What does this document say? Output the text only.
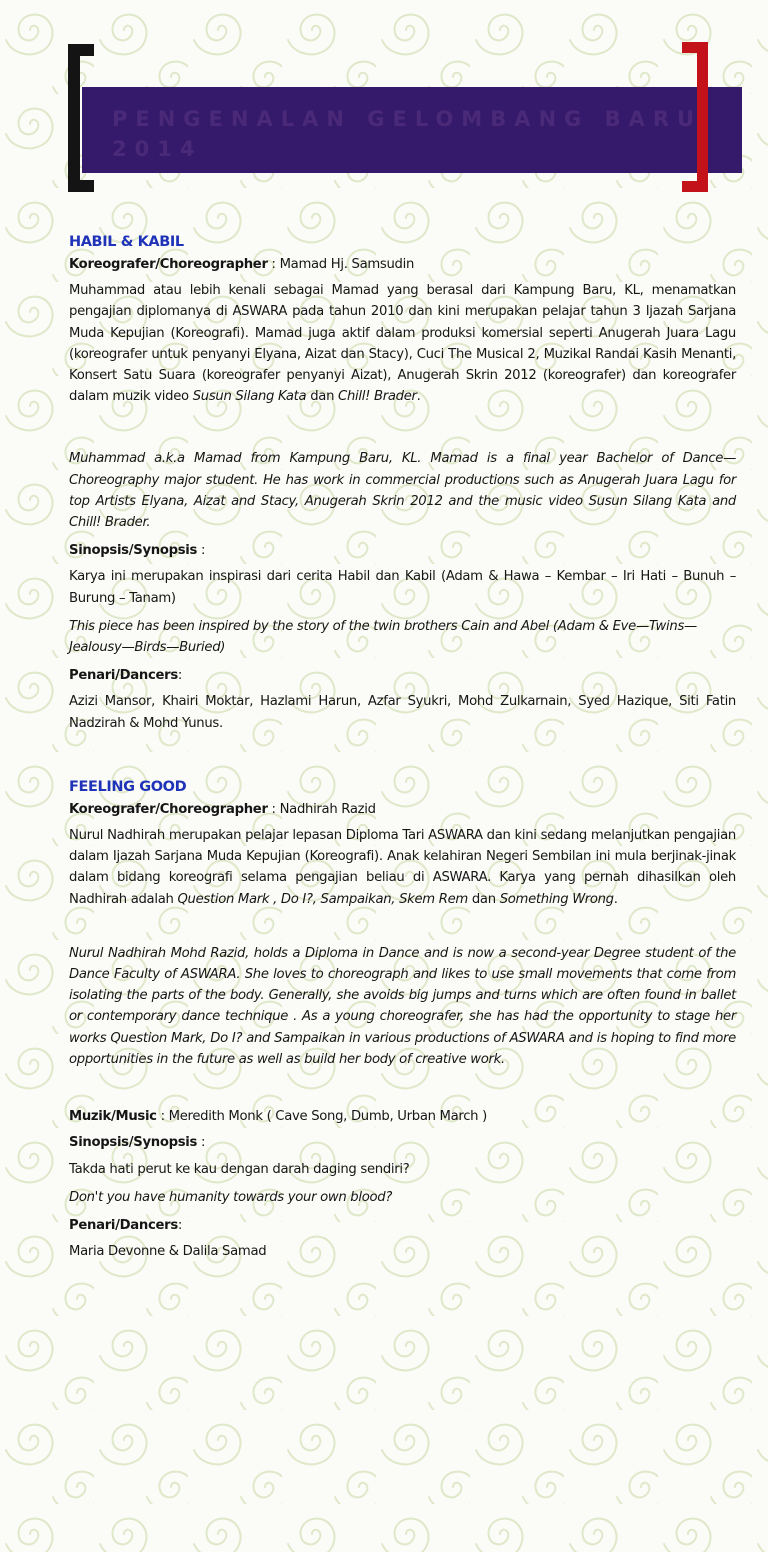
PENGENALAN GELOMBANG BARU 2014

HABIL & KABIL

Koreografer/Choreographer : Mamad Hj. Samsudin

Muhammad atau lebih kenali sebagai Mamad yang berasal dari Kampung Baru, KL, menamatkan pengajian diplomanya di ASWARA pada tahun 2010 dan kini merupakan pelajar tahun 3 Ijazah Sarjana Muda Kepujian (Koreografi). Mamad juga aktif dalam produksi komersial seperti Anugerah Juara Lagu (koreografer untuk penyanyi Elyana, Aizat dan Stacy), Cuci The Musical 2, Muzikal Randai Kasih Menanti, Konsert Satu Suara (koreografer penyanyi Aizat), Anugerah Skrin 2012 (koreografer) dan koreografer dalam muzik video Susun Silang Kata dan Chill! Brader.

Muhammad a.k.a Mamad from Kampung Baru, KL. Mamad is a final year Bachelor of Dance—Choreography major student. He has work in commercial productions such as Anugerah Juara Lagu for top Artists Elyana, Aizat and Stacy, Anugerah Skrin 2012 and the music video Susun Silang Kata and Chill! Brader.

Sinopsis/Synopsis :

Karya ini merupakan inspirasi dari cerita Habil dan Kabil (Adam & Hawa – Kembar – Iri Hati – Bunuh – Burung – Tanam)

This piece has been inspired by the story of the twin brothers Cain and Abel (Adam & Eve—Twins—Jealousy—Birds—Buried)

Penari/Dancers:

Azizi Mansor, Khairi Moktar, Hazlami Harun, Azfar Syukri, Mohd Zulkarnain, Syed Hazique, Siti Fatin Nadzirah & Mohd Yunus.

FEELING GOOD

Koreografer/Choreographer : Nadhirah Razid

Nurul Nadhirah merupakan pelajar lepasan Diploma Tari ASWARA dan kini sedang melanjutkan pengajian dalam Ijazah Sarjana Muda Kepujian (Koreografi). Anak kelahiran Negeri Sembilan ini mula berjinak-jinak dalam bidang koreografi selama pengajian beliau di ASWARA. Karya yang pernah dihasilkan oleh Nadhirah adalah Question Mark , Do I?, Sampaikan, Skem Rem dan Something Wrong.

Nurul Nadhirah Mohd Razid, holds a Diploma in Dance and is now a second-year Degree student of the Dance Faculty of ASWARA. She loves to choreograph and likes to use small movements that come from isolating the parts of the body. Generally, she avoids big jumps and turns which are often found in ballet or contemporary dance technique . As a young choreografer, she has had the opportunity to stage her works Question Mark, Do I? and Sampaikan in various productions of ASWARA and is hoping to find more opportunities in the future as well as build her body of creative work.

Muzik/Music : Meredith Monk ( Cave Song, Dumb, Urban March )

Sinopsis/Synopsis :

Takda hati perut ke kau dengan darah daging sendiri?

Don't you have humanity towards your own blood?

Penari/Dancers:

Maria Devonne & Dalila Samad
